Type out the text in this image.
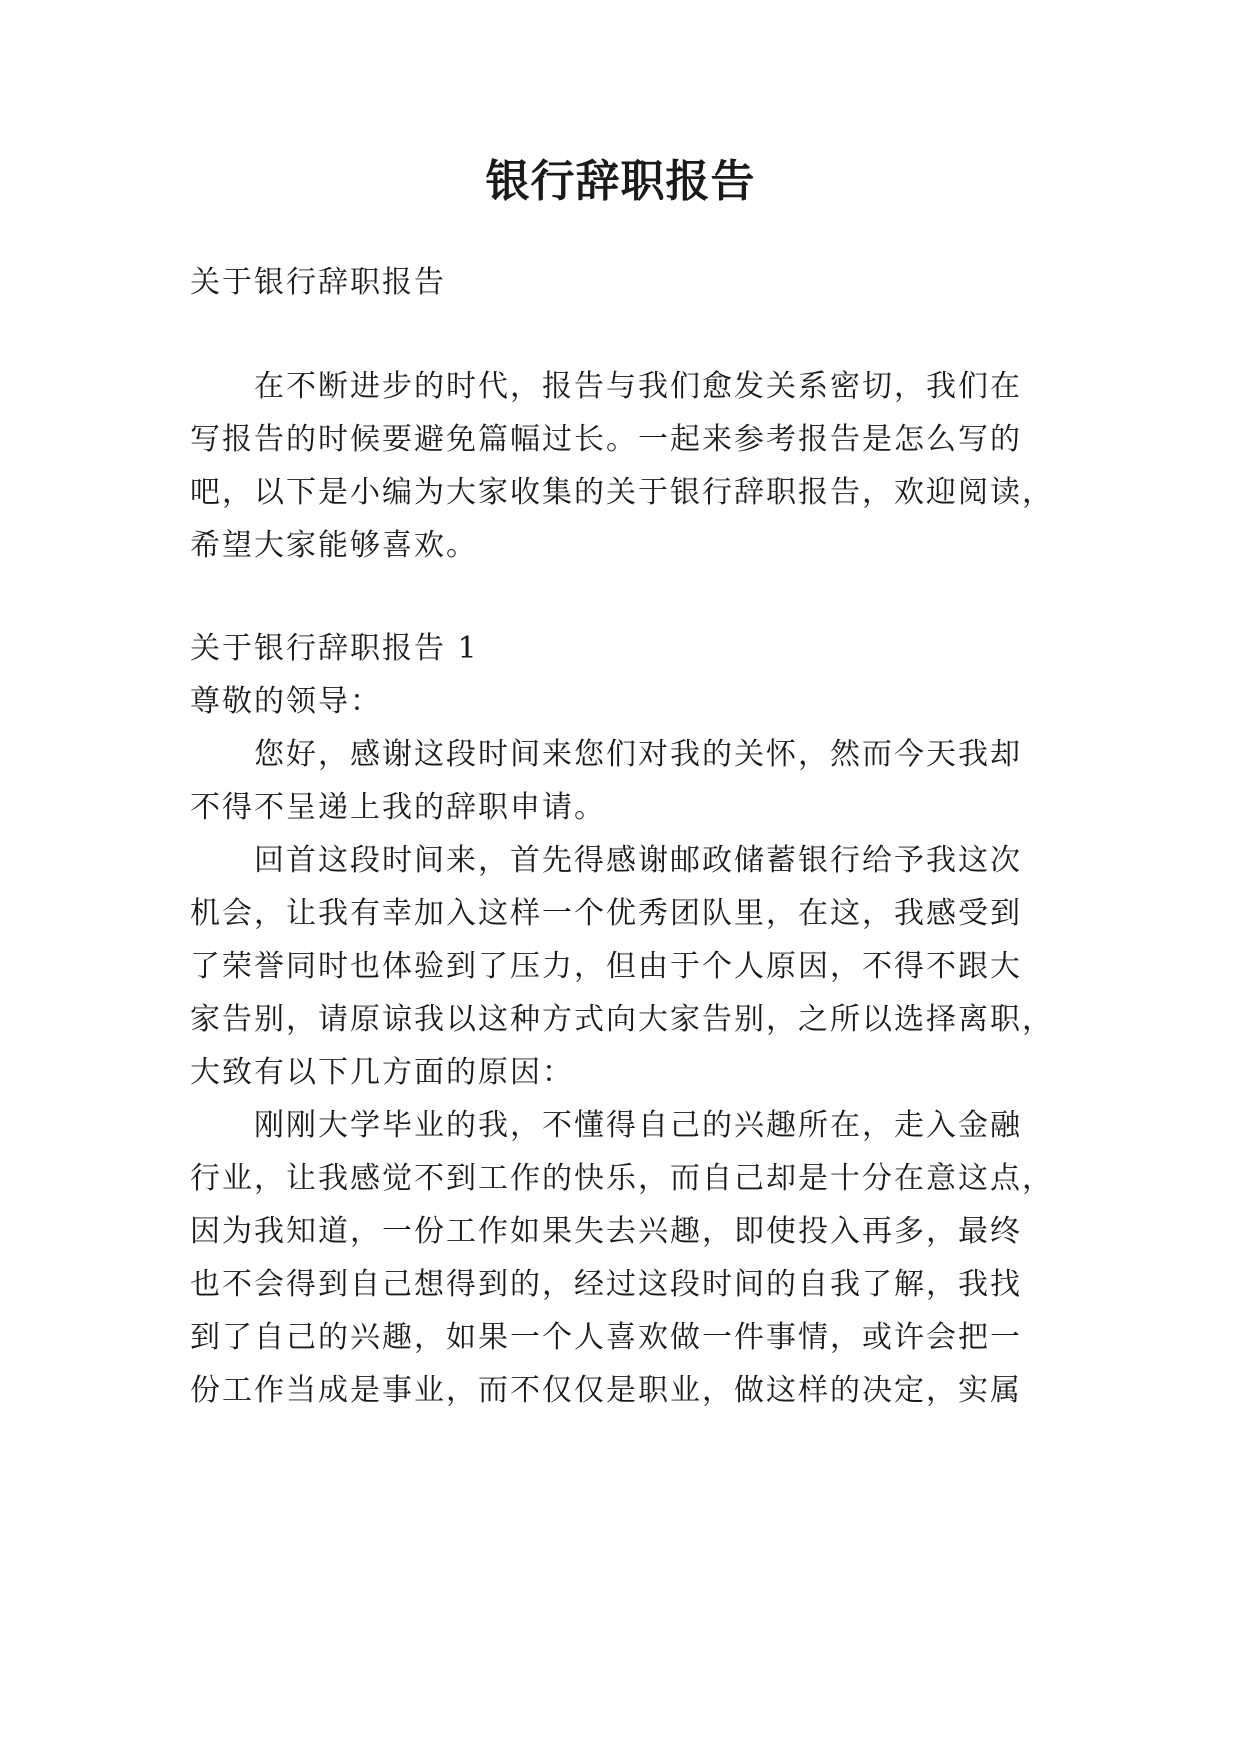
银行辞职报告
关于银行辞职报告
在不断进步的时代，报告与我们愈发关系密切，我们在
写报告的时候要避免篇幅过长。一起来参考报告是怎么写的
吧，以下是小编为大家收集的关于银行辞职报告，欢迎阅读，
希望大家能够喜欢。
关于银行辞职报告 1
尊敬的领导：
您好，感谢这段时间来您们对我的关怀，然而今天我却
不得不呈递上我的辞职申请。
回首这段时间来，首先得感谢邮政储蓄银行给予我这次
机会，让我有幸加入这样一个优秀团队里，在这，我感受到
了荣誉同时也体验到了压力，但由于个人原因，不得不跟大
家告别，请原谅我以这种方式向大家告别，之所以选择离职，
大致有以下几方面的原因：
刚刚大学毕业的我，不懂得自己的兴趣所在，走入金融
行业，让我感觉不到工作的快乐，而自己却是十分在意这点，
因为我知道，一份工作如果失去兴趣，即使投入再多，最终
也不会得到自己想得到的，经过这段时间的自我了解，我找
到了自己的兴趣，如果一个人喜欢做一件事情，或许会把一
份工作当成是事业，而不仅仅是职业，做这样的决定，实属
